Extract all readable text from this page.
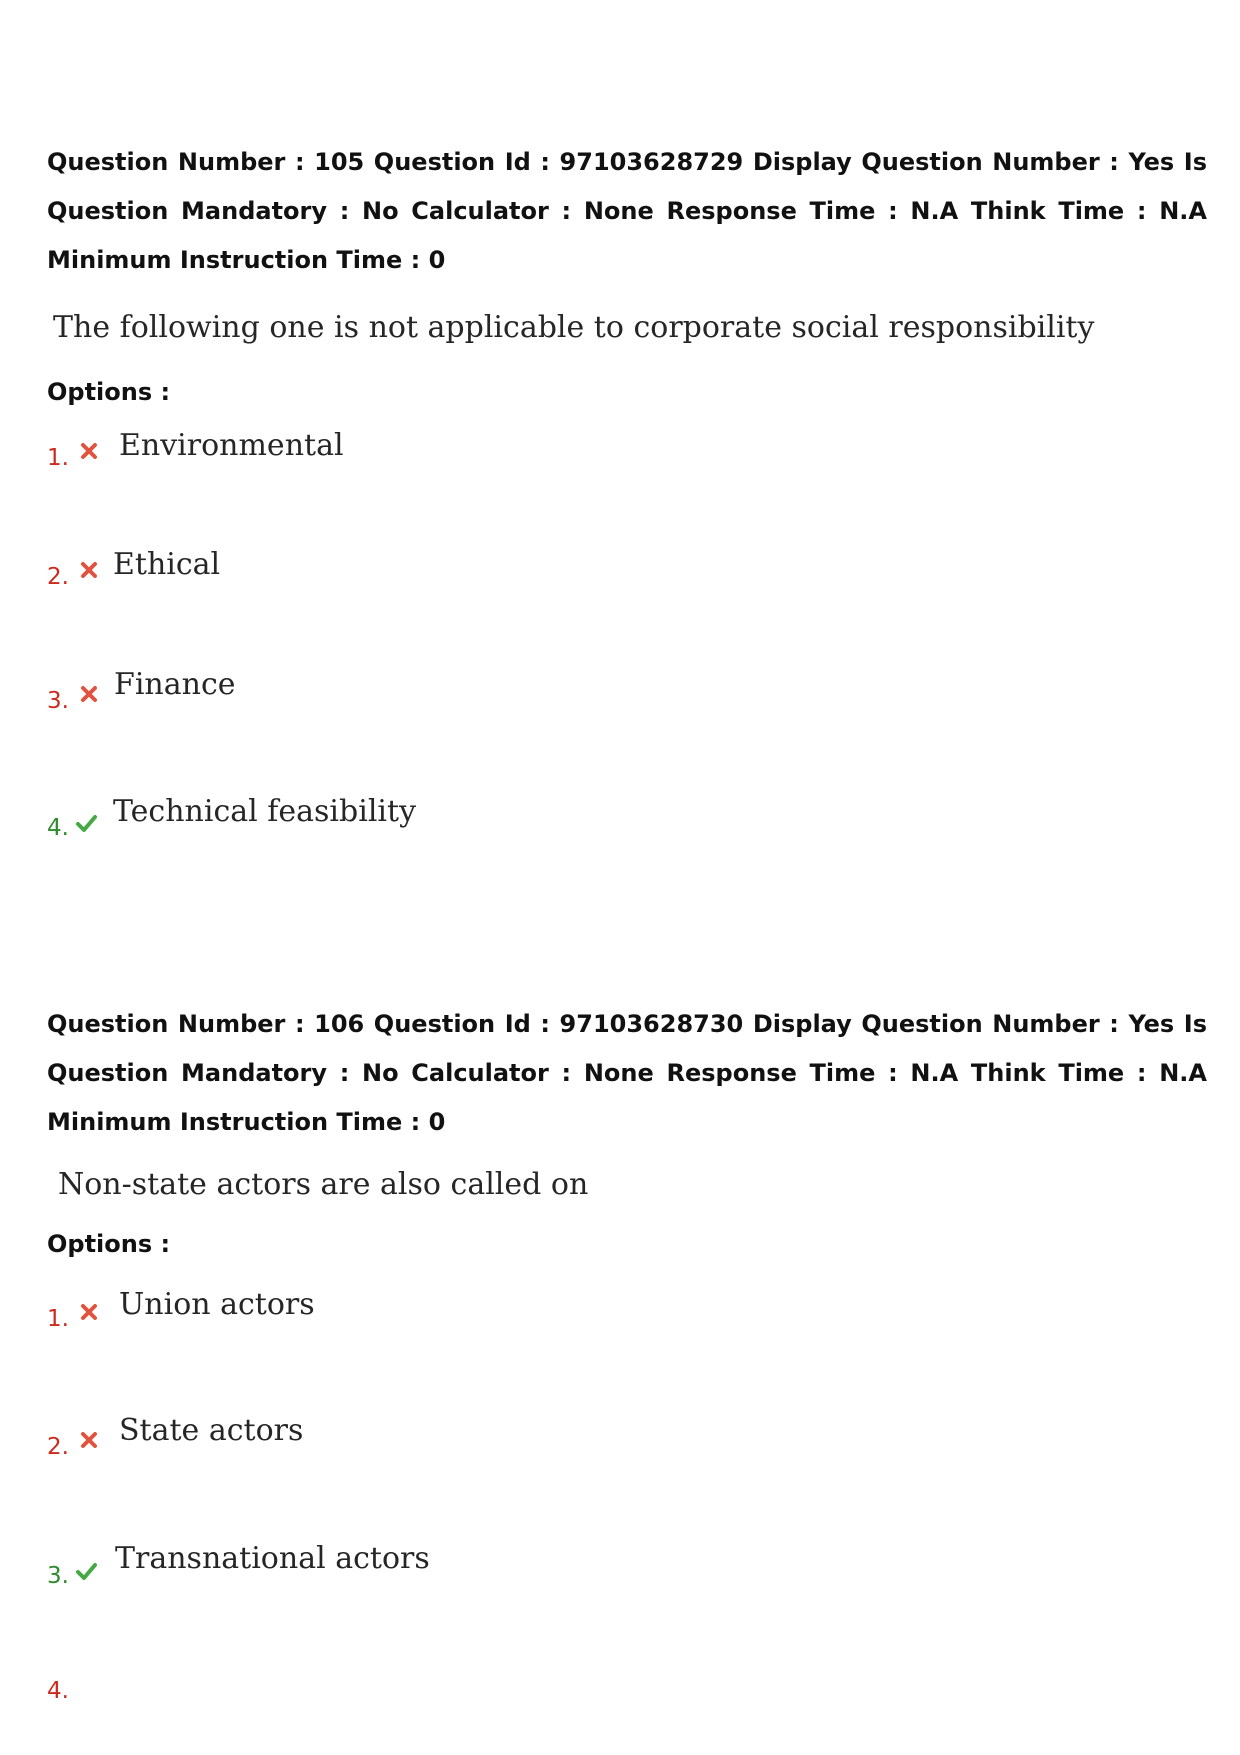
Question Number : 105 Question Id : 97103628729 Display Question Number : Yes Is Question Mandatory : No Calculator : None Response Time : N.A Think Time : N.A Minimum Instruction Time : 0

The following one is not applicable to corporate social responsibility
Options :
1. Environmental
2. Ethical
3. Finance
4. Technical feasibility

Question Number : 106 Question Id : 97103628730 Display Question Number : Yes Is Question Mandatory : No Calculator : None Response Time : N.A Think Time : N.A Minimum Instruction Time : 0

Non-state actors are also called on
Options :
1. Union actors
2. State actors
3. Transnational actors
4.
